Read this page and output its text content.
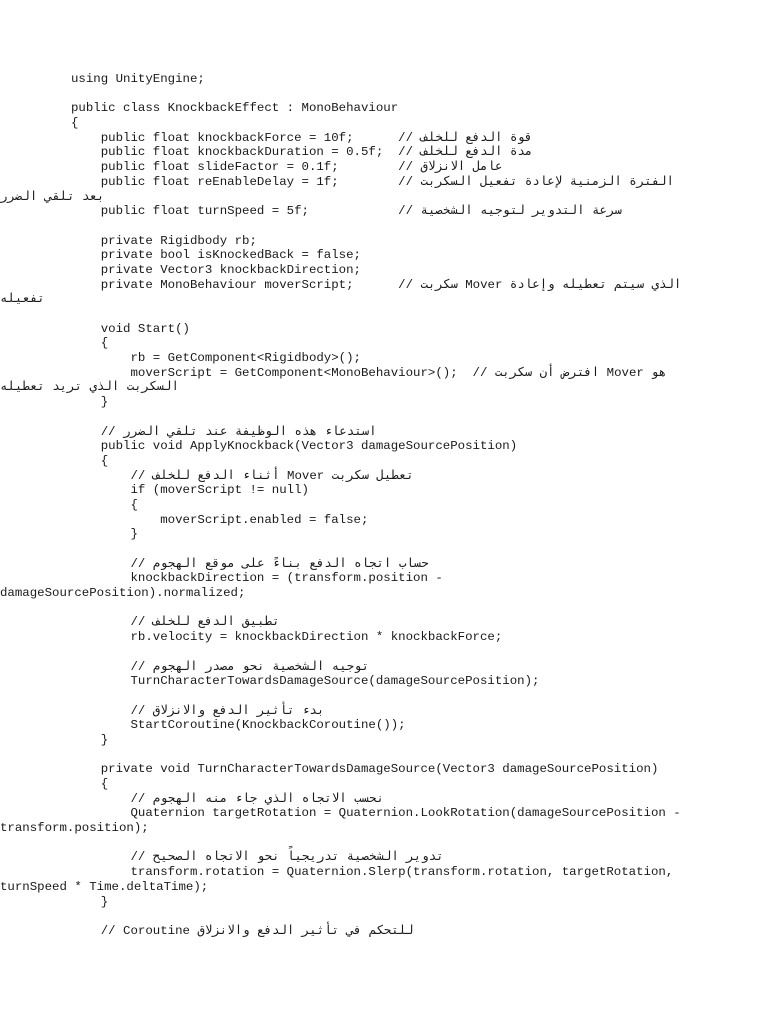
using UnityEngine;
public class KnockbackEffect : MonoBehaviour
{
public float knockbackForce = 10f;      // قوة الدفع للخلف
public float knockbackDuration = 0.5f;  // مدة الدفع للخلف
public float slideFactor = 0.1f;        // عامل الانزلاق
public float reEnableDelay = 1f;        // الفترة الزمنية لإعادة تفعيل السكربت
بعد تلقي الضرر
public float turnSpeed = 5f;            // سرعة التدوير لتوجيه الشخصية
private Rigidbody rb;
private bool isKnockedBack = false;
private Vector3 knockbackDirection;
private MonoBehaviour moverScript;      // سكربت Mover الذي سيتم تعطيله وإعادة
تفعيله
void Start()
{
rb = GetComponent<Rigidbody>();
moverScript = GetComponent<MonoBehaviour>();  // افترض أن سكربت Mover هو
السكربت الذي تريد تعطيله
}
// استدعاء هذه الوظيفة عند تلقي الضرر
public void ApplyKnockback(Vector3 damageSourcePosition)
{
// أثناء الدفع للخلف Mover تعطيل سكربت
if (moverScript != null)
{
moverScript.enabled = false;
}
// حساب اتجاه الدفع بناءً على موقع الهجوم
knockbackDirection = (transform.position -
damageSourcePosition).normalized;
// تطبيق الدفع للخلف
rb.velocity = knockbackDirection * knockbackForce;
// توجيه الشخصية نحو مصدر الهجوم
TurnCharacterTowardsDamageSource(damageSourcePosition);
// بدء تأثير الدفع والانزلاق
StartCoroutine(KnockbackCoroutine());
}
private void TurnCharacterTowardsDamageSource(Vector3 damageSourcePosition)
{
// نحسب الاتجاه الذي جاء منه الهجوم
Quaternion targetRotation = Quaternion.LookRotation(damageSourcePosition -
transform.position);
// تدوير الشخصية تدريجياً نحو الاتجاه الصحيح
transform.rotation = Quaternion.Slerp(transform.rotation, targetRotation,
turnSpeed * Time.deltaTime);
}
// Coroutine للتحكم في تأثير الدفع والانزلاق
